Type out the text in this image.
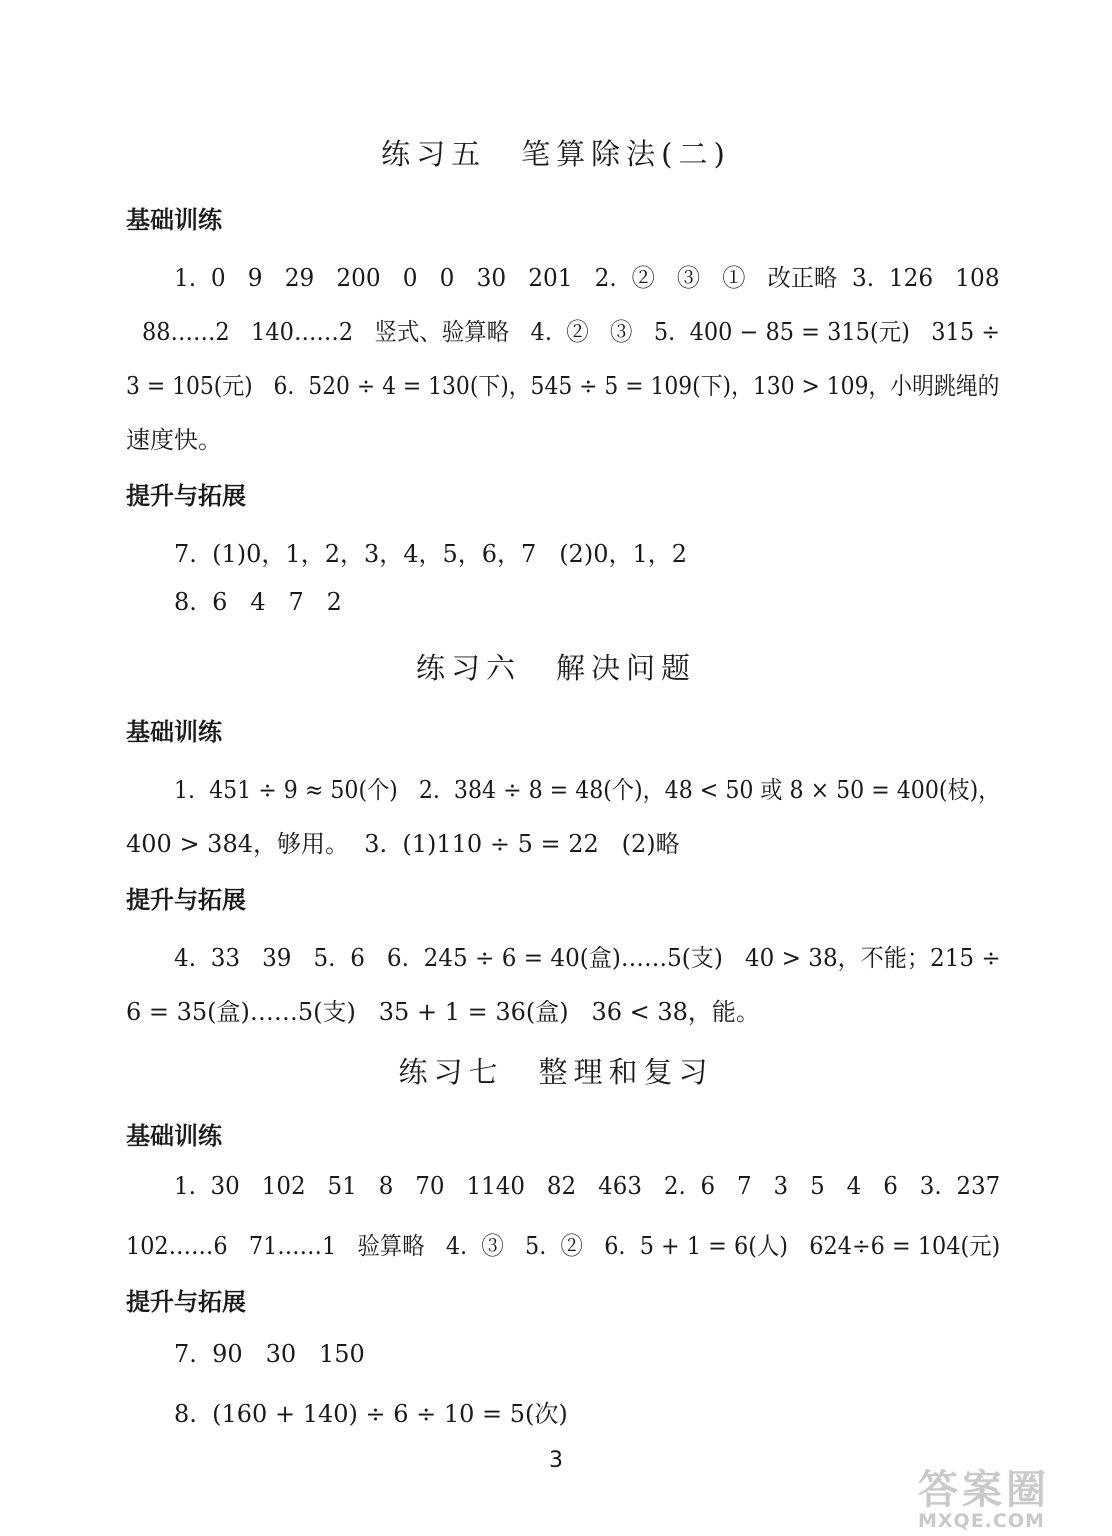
练习五　笔算除法(二)
基础训练
1.  0   9   29   200   0   0   30   201   2.  ②   ③   ①   改正略  3.  126   108
88……2   140……2   竖式、验算略   4.  ②   ③   5.  400 − 85 = 315(元)   315 ÷
3 = 105(元)   6.  520 ÷ 4 = 130(下)，545 ÷ 5 = 109(下)，130 > 109，小明跳绳的
速度快。
提升与拓展
7.  (1)0，1，2，3，4，5，6，7   (2)0，1，2
8.  6   4   7   2
练习六　解决问题
基础训练
1.  451 ÷ 9 ≈ 50(个)   2.  384 ÷ 8 = 48(个)，48 < 50 或 8 × 50 = 400(枝)，
400 > 384，够用。  3.  (1)110 ÷ 5 = 22   (2)略
提升与拓展
4.  33   39   5.  6   6.  245 ÷ 6 = 40(盒)……5(支)   40 > 38，不能；215 ÷
6 = 35(盒)……5(支)   35 + 1 = 36(盒)   36 < 38，能。
练习七　整理和复习
基础训练
1.  30   102   51   8   70   1140   82   463   2.  6   7   3   5   4   6   3.  237
102……6   71……1   验算略   4.  ③   5.  ②   6.  5 + 1 = 6(人)   624÷6 = 104(元)
提升与拓展
7.  90   30   150
8.  (160 + 140) ÷ 6 ÷ 10 = 5(次)
3
答案圈
MXQE.COM
